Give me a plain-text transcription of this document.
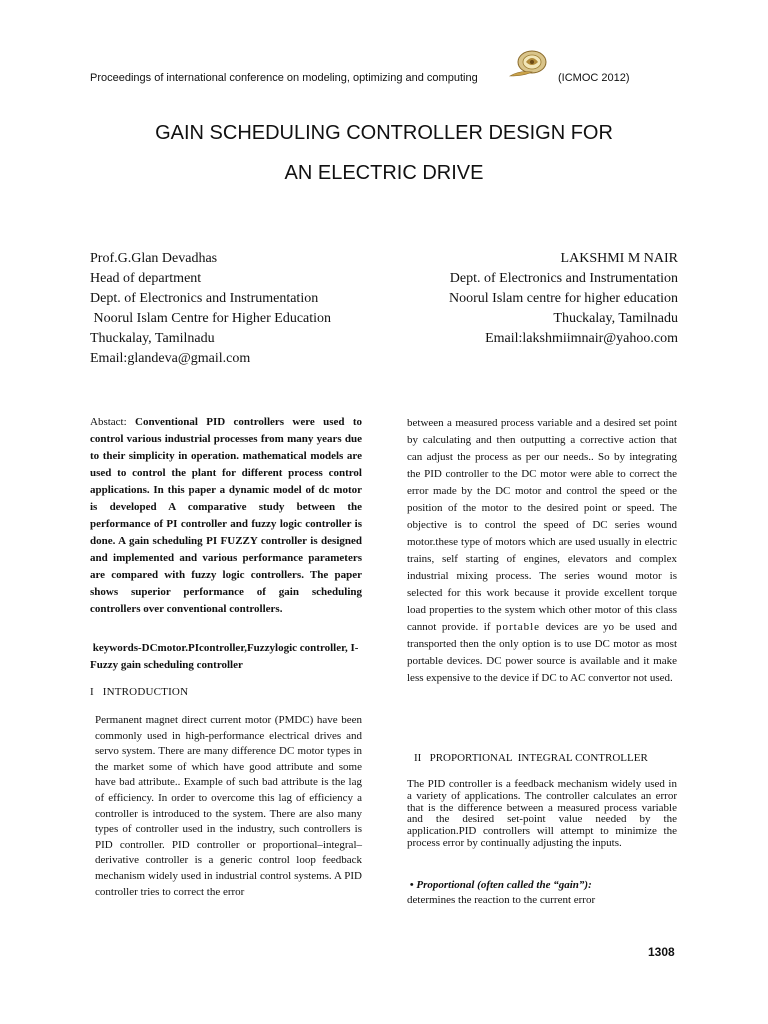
Proceedings of international conference on modeling, optimizing and computing	(ICMOC 2012)
GAIN SCHEDULING CONTROLLER DESIGN FOR
AN ELECTRIC DRIVE
Prof.G.Glan Devadhas
Head of department
Dept. of Electronics and Instrumentation
Noorul Islam Centre for Higher Education
Thuckalay, Tamilnadu
Email:glandeva@gmail.com
LAKSHMI M NAIR
Dept. of Electronics and Instrumentation
Noorul Islam centre for higher education
Thuckalay, Tamilnadu
Email:lakshmiimnair@yahoo.com
Abstact: Conventional PID controllers were used to control various industrial processes from many years due to their simplicity in operation. mathematical models are used to control the plant for different process control applications. In this paper a dynamic model of dc motor is developed A comparative study between the performance of PI controller and fuzzy logic controller is done. A gain scheduling PI FUZZY controller is designed and implemented and various performance parameters are compared with fuzzy logic controllers. The paper shows superior performance of gain scheduling controllers over conventional controllers.
keywords-DCmotor.PIcontroller,Fuzzylogic controller, I-Fuzzy gain scheduling controller
I   INTRODUCTION
Permanent magnet direct current motor (PMDC) have been commonly used in high-performance electrical drives and servo system. There are many difference DC motor types in the market some of which have good attribute and some have bad attribute.. Example of such bad attribute is the lag of efficiency. In order to overcome this lag of efficiency a controller is introduced to the system. There are also many types of controller used in the industry, such controllers is PID controller. PID controller or proportional–integral–derivative controller is a generic control loop feedback mechanism widely used in industrial control systems. A PID controller tries to correct the error
between a measured process variable and a desired set point by calculating and then outputting a corrective action that can adjust the process as per our needs.. So by integrating the PID controller to the DC motor were able to correct the error made by the DC motor and control the speed or the position of the motor to the desired point or speed. The objective is to control the speed of DC series wound motor.these type of motors which are used usually in electric trains, self starting of engines, elevators and complex industrial mixing process. The series wound motor is selected for this work because it provide excellent torque load properties to the system which other motor of this class cannot provide. if portable devices are yo be used and transported then the only option is to use DC motor as most portable devices. DC power source is available and it make less expensive to the device if DC to AC convertor not used.
II   PROPORTIONAL  INTEGRAL CONTROLLER
The PID controller is a feedback mechanism widely used in a variety of applications. The controller calculates an error that is the difference between a measured process variable and the desired set-point value needed by the application.PID controllers will attempt to minimize the process error by continually adjusting the inputs.
• Proportional (often called the “gain”):
determines the reaction to the current error
1308
